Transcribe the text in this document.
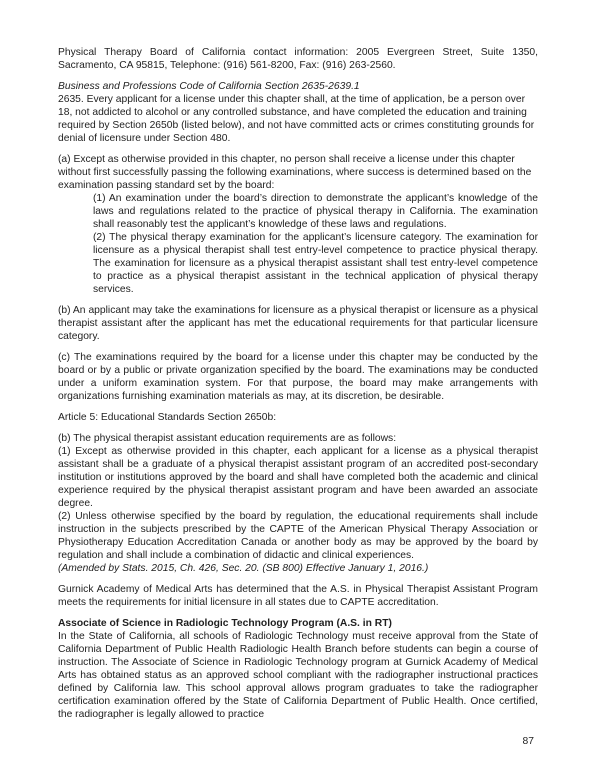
Physical Therapy Board of California contact information: 2005 Evergreen Street, Suite 1350, Sacramento, CA 95815, Telephone: (916) 561-8200, Fax: (916) 263-2560.

Business and Professions Code of California Section 2635-2639.1

2635. Every applicant for a license under this chapter shall, at the time of application, be a person over 18, not addicted to alcohol or any controlled substance, and have completed the education and training required by Section 2650b (listed below), and not have committed acts or crimes constituting grounds for denial of licensure under Section 480.

(a) Except as otherwise provided in this chapter, no person shall receive a license under this chapter without first successfully passing the following examinations, where success is determined based on the examination passing standard set by the board:

(1) An examination under the board’s direction to demonstrate the applicant’s knowledge of the laws and regulations related to the practice of physical therapy in California. The examination shall reasonably test the applicant’s knowledge of these laws and regulations.

(2) The physical therapy examination for the applicant’s licensure category. The examination for licensure as a physical therapist shall test entry-level competence to practice physical therapy. The examination for licensure as a physical therapist assistant shall test entry-level competence to practice as a physical therapist assistant in the technical application of physical therapy services.

(b) An applicant may take the examinations for licensure as a physical therapist or licensure as a physical therapist assistant after the applicant has met the educational requirements for that particular licensure category.

(c) The examinations required by the board for a license under this chapter may be conducted by the board or by a public or private organization specified by the board. The examinations may be conducted under a uniform examination system. For that purpose, the board may make arrangements with organizations furnishing examination materials as may, at its discretion, be desirable.

Article 5: Educational Standards Section 2650b:

(b) The physical therapist assistant education requirements are as follows:

(1) Except as otherwise provided in this chapter, each applicant for a license as a physical therapist assistant shall be a graduate of a physical therapist assistant program of an accredited post-secondary institution or institutions approved by the board and shall have completed both the academic and clinical experience required by the physical therapist assistant program and have been awarded an associate degree.

(2) Unless otherwise specified by the board by regulation, the educational requirements shall include instruction in the subjects prescribed by the CAPTE of the American Physical Therapy Association or Physiotherapy Education Accreditation Canada or another body as may be approved by the board by regulation and shall include a combination of didactic and clinical experiences.

(Amended by Stats. 2015, Ch. 426, Sec. 20. (SB 800) Effective January 1, 2016.)

Gurnick Academy of Medical Arts has determined that the A.S. in Physical Therapist Assistant Program meets the requirements for initial licensure in all states due to CAPTE accreditation.

Associate of Science in Radiologic Technology Program (A.S. in RT)

In the State of California, all schools of Radiologic Technology must receive approval from the State of California Department of Public Health Radiologic Health Branch before students can begin a course of instruction. The Associate of Science in Radiologic Technology program at Gurnick Academy of Medical Arts has obtained status as an approved school compliant with the radiographer instructional practices defined by California law. This school approval allows program graduates to take the radiographer certification examination offered by the State of California Department of Public Health. Once certified, the radiographer is legally allowed to practice

87
